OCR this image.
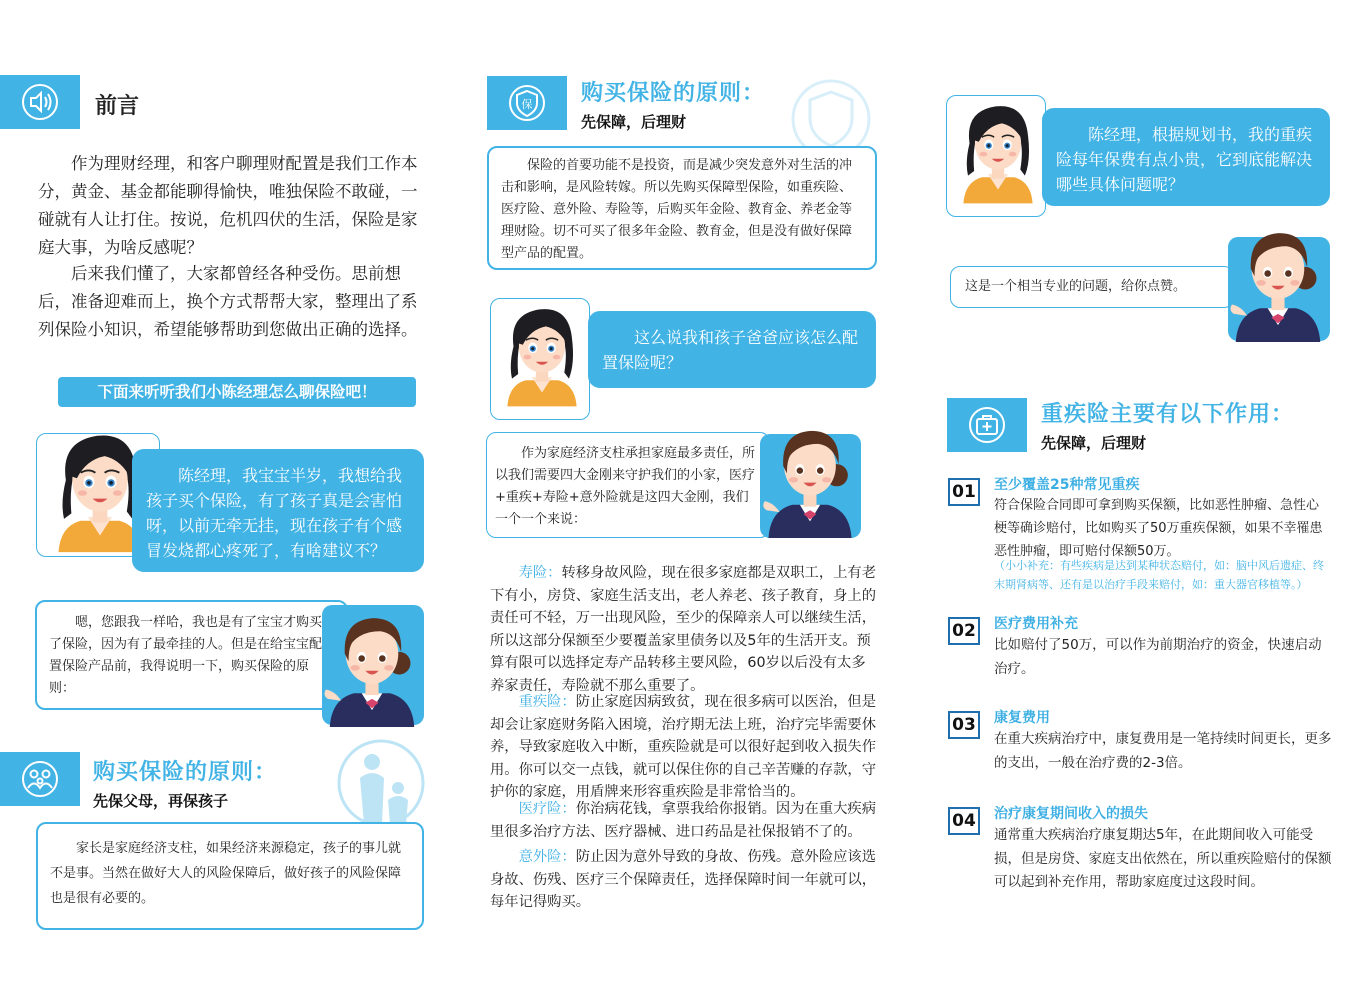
前言

作为理财经理，和客户聊理财配置是我们工作本分，黄金、基金都能聊得愉快，唯独保险不敢碰，一碰就有人让打住。按说，危机四伏的生活，保险是家庭大事，为啥反感呢？

后来我们懂了，大家都曾经各种受伤。思前想后，准备迎难而上，换个方式帮帮大家，整理出了系列保险小知识，希望能够帮助到您做出正确的选择。

下面来听听我们小陈经理怎么聊保险吧！
陈经理，我宝宝半岁，我想给我孩子买个保险，有了孩子真是会害怕呀，以前无牵无挂，现在孩子有个感冒发烧都心疼死了，有啥建议不？

嗯，您跟我一样哈，我也是有了宝宝才购买了保险，因为有了最牵挂的人。但是在给宝宝配置保险产品前，我得说明一下，购买保险的原则：

购买保险的原则：
先保父母，再保孩子

家长是家庭经济支柱，如果经济来源稳定，孩子的事儿就不是事。当然在做好大人的风险保障后，做好孩子的风险保障也是很有必要的。

保 购买保险的原则：
先保障，后理财

保险的首要功能不是投资，而是减少突发意外对生活的冲击和影响，是风险转嫁。所以先购买保障型保险，如重疾险、医疗险、意外险、寿险等，后购买年金险、教育金、养老金等理财险。切不可买了很多年金险、教育金，但是没有做好保障型产品的配置。

这么说我和孩子爸爸应该怎么配置保险呢？

作为家庭经济支柱承担家庭最多责任，所以我们需要四大金刚来守护我们的小家，医疗+重疾+寿险+意外险就是这四大金刚，我们一个一个来说：

寿险：转移身故风险，现在很多家庭都是双职工，上有老下有小，房贷、家庭生活支出，老人养老、孩子教育，身上的责任可不轻，万一出现风险，至少的保障亲人可以继续生活，所以这部分保额至少要覆盖家里债务以及5年的生活开支。预算有限可以选择定寿产品转移主要风险，60岁以后没有太多养家责任，寿险就不那么重要了。
重疾险：防止家庭因病致贫，现在很多病可以医治，但是却会让家庭财务陷入困境，治疗期无法上班，治疗完毕需要休养，导致家庭收入中断，重疾险就是可以很好起到收入损失作用。你可以交一点钱，就可以保住你的自己辛苦赚的存款，守护你的家庭，用盾牌来形容重疾险是非常恰当的。
医疗险：你治病花钱，拿票我给你报销。因为在重大疾病里很多治疗方法、医疗器械、进口药品是社保报销不了的。
意外险：防止因为意外导致的身故、伤残。意外险应该选身故、伤残、医疗三个保障责任，选择保障时间一年就可以，每年记得购买。
陈经理，根据规划书，我的重疾险每年保费有点小贵，它到底能解决哪些具体问题呢？

这是一个相当专业的问题，给你点赞。

重疾险主要有以下作用：
先保障，后理财
01 至少覆盖25种常见重疾
符合保险合同即可拿到购买保额，比如恶性肿瘤、急性心梗等确诊赔付，比如购买了50万重疾保额，如果不幸罹患恶性肿瘤，即可赔付保额50万。
（小小补充：有些疾病是达到某种状态赔付，如：脑中风后遗症、终末期肾病等、还有是以治疗手段来赔付，如：重大器官移植等。）
02 医疗费用补充
比如赔付了50万，可以作为前期治疗的资金，快速启动治疗。
03 康复费用
在重大疾病治疗中，康复费用是一笔持续时间更长，更多的支出，一般在治疗费的2-3倍。
04 治疗康复期间收入的损失
通常重大疾病治疗康复期达5年，在此期间收入可能受损，但是房贷、家庭支出依然在，所以重疾险赔付的保额可以起到补充作用，帮助家庭度过这段时间。
